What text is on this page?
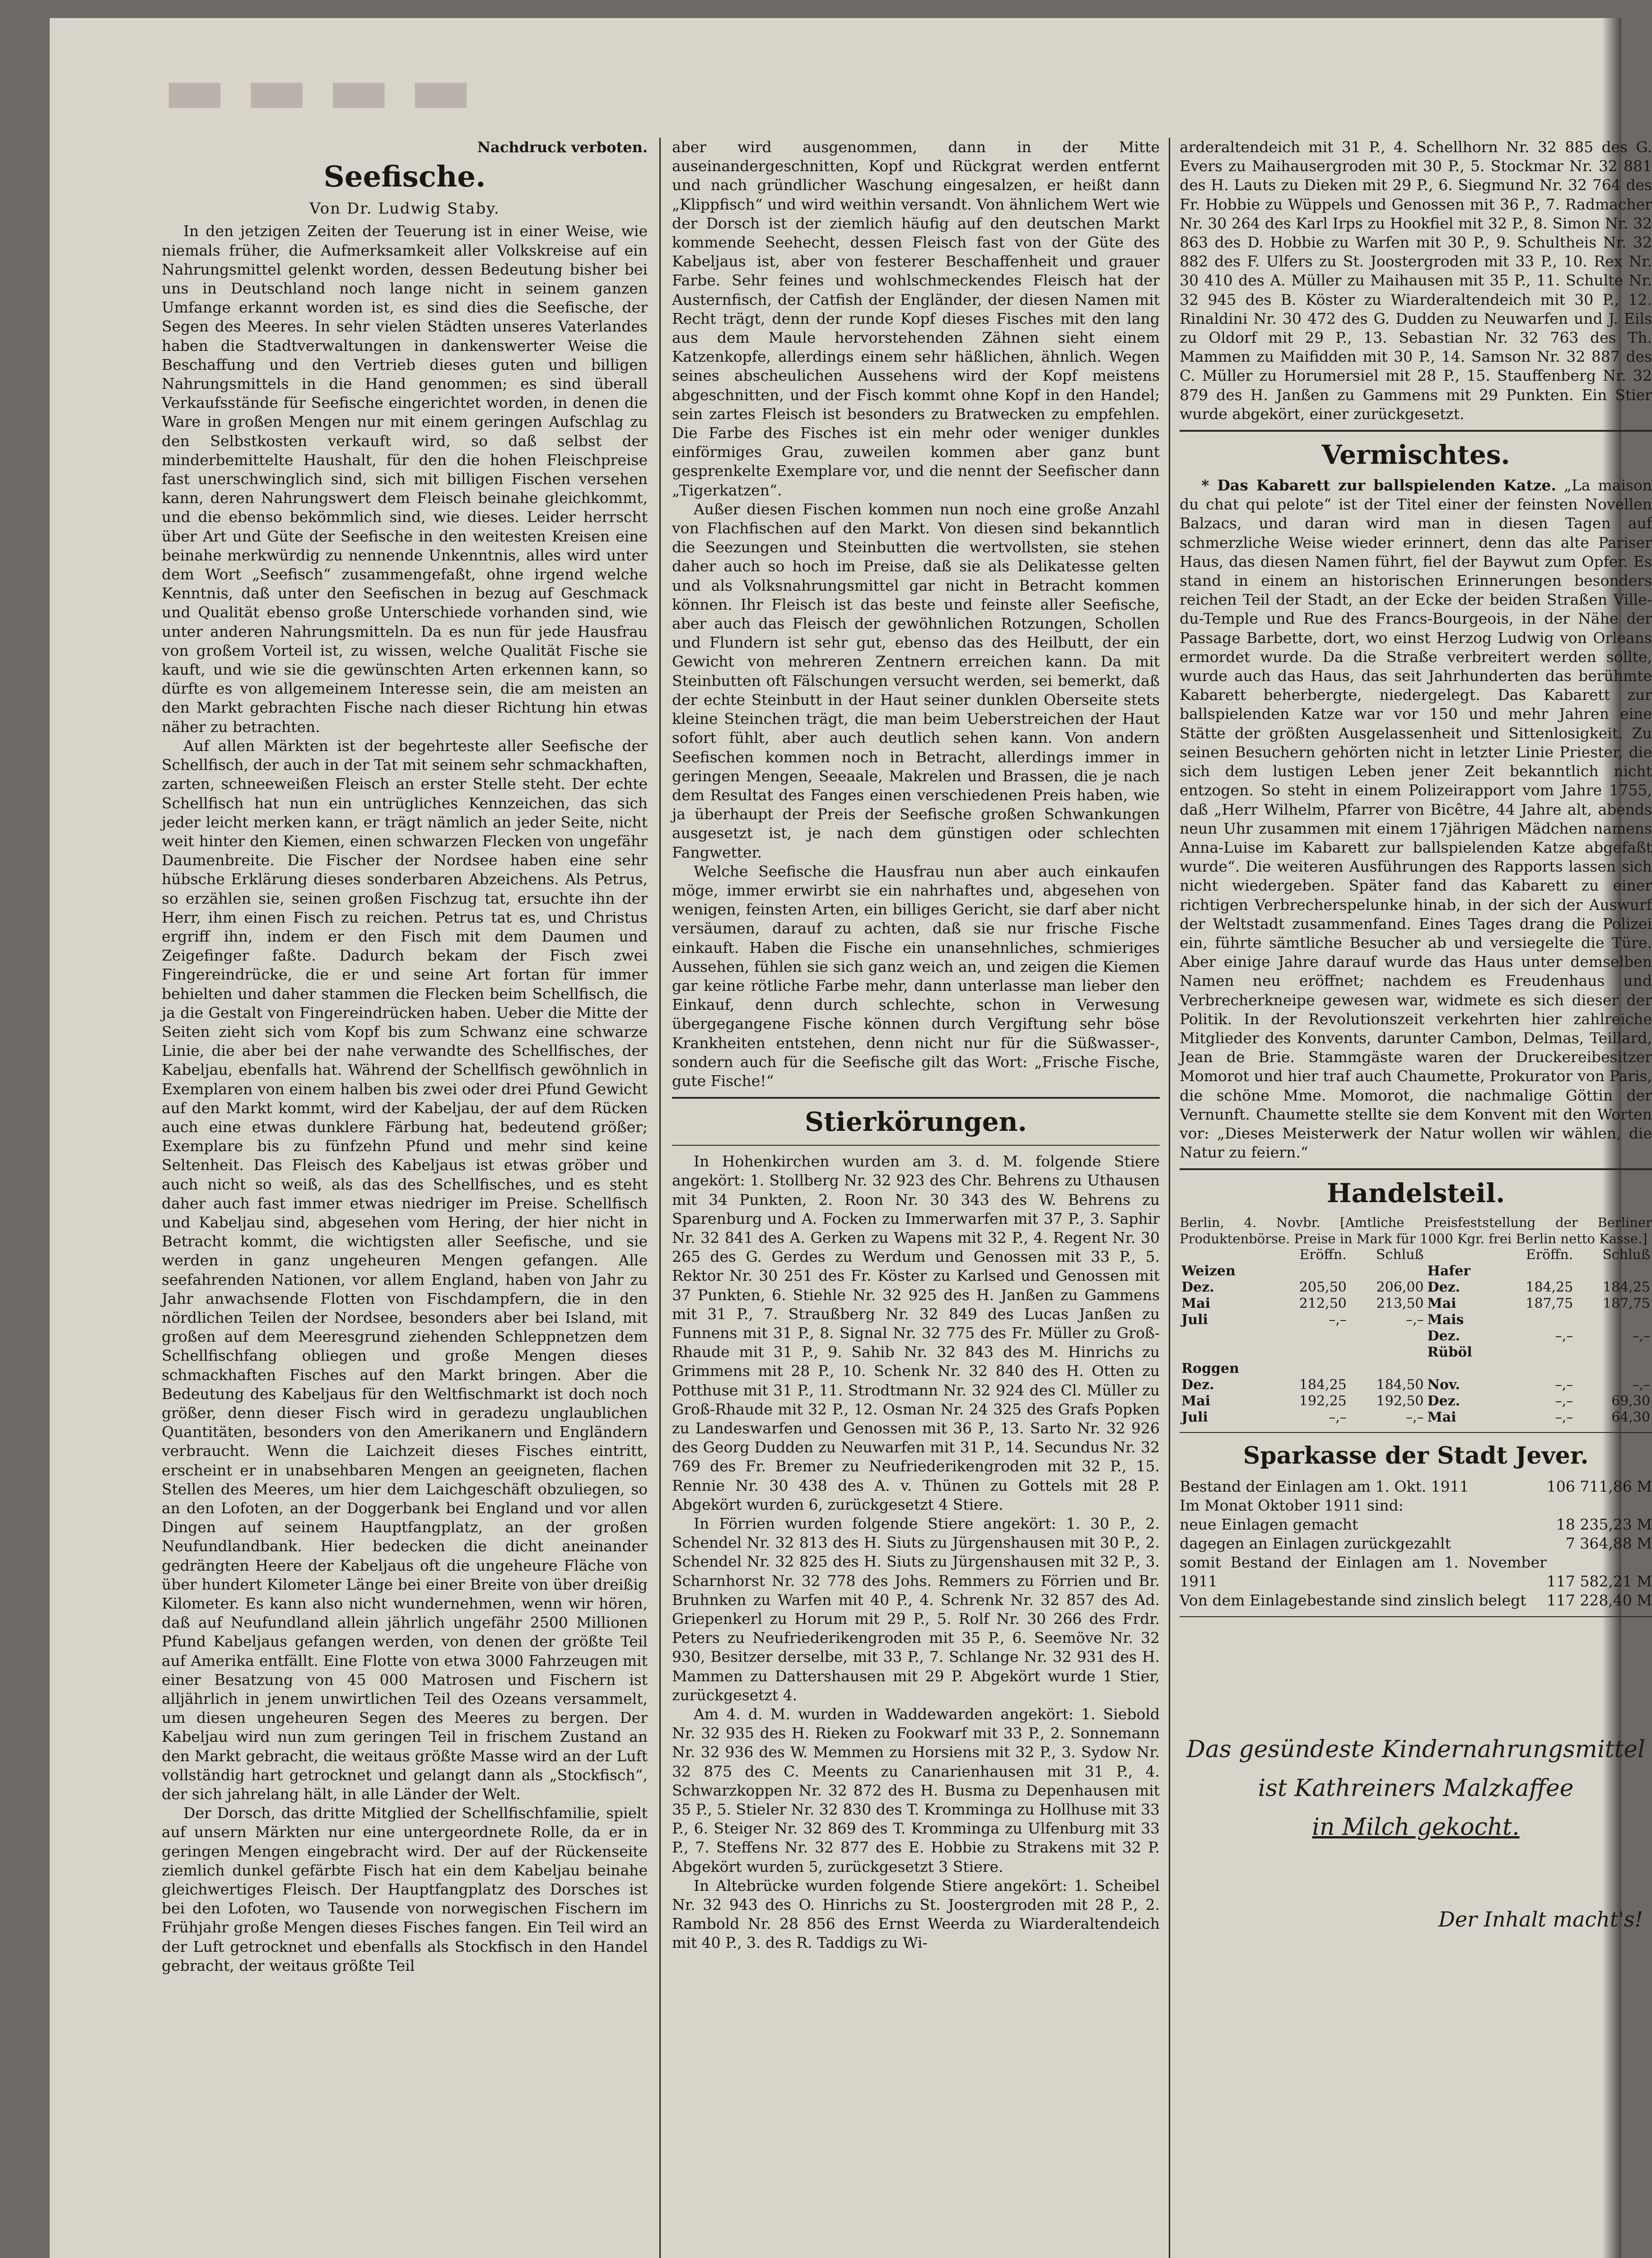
▬▬▬▬
Nachdruck verboten.
Seefische.
Von Dr. Ludwig Staby.

In den jetzigen Zeiten der Teuerung ist in einer Weise, wie niemals früher, die Aufmerksamkeit aller Volkskreise auf ein Nahrungsmittel gelenkt worden, dessen Bedeutung bisher bei uns in Deutschland noch lange nicht in seinem ganzen Umfange erkannt worden ist, es sind dies die Seefische, der Segen des Meeres. In sehr vielen Städten unseres Vaterlandes haben die Stadtverwaltungen in dankenswerter Weise die Beschaffung und den Vertrieb dieses guten und billigen Nahrungsmittels in die Hand genommen; es sind überall Verkaufsstände für Seefische eingerichtet worden, in denen die Ware in großen Mengen nur mit einem geringen Aufschlag zu den Selbstkosten verkauft wird, so daß selbst der minderbemittelte Haushalt, für den die hohen Fleischpreise fast unerschwinglich sind, sich mit billigen Fischen versehen kann, deren Nahrungswert dem Fleisch beinahe gleichkommt, und die ebenso bekömmlich sind, wie dieses. Leider herrscht über Art und Güte der Seefische in den weitesten Kreisen eine beinahe merkwürdig zu nennende Unkenntnis, alles wird unter dem Wort „Seefisch“ zusammengefaßt, ohne irgend welche Kenntnis, daß unter den Seefischen in bezug auf Geschmack und Qualität ebenso große Unterschiede vorhanden sind, wie unter anderen Nahrungsmitteln. Da es nun für jede Hausfrau von großem Vorteil ist, zu wissen, welche Qualität Fische sie kauft, und wie sie die gewünschten Arten erkennen kann, so dürfte es von allgemeinem Interesse sein, die am meisten an den Markt gebrachten Fische nach dieser Richtung hin etwas näher zu betrachten.

Auf allen Märkten ist der begehrteste aller Seefische der Schellfisch, der auch in der Tat mit seinem sehr schmackhaften, zarten, schneeweißen Fleisch an erster Stelle steht. Der echte Schellfisch hat nun ein untrügliches Kennzeichen, das sich jeder leicht merken kann, er trägt nämlich an jeder Seite, nicht weit hinter den Kiemen, einen schwarzen Flecken von ungefähr Daumenbreite. Die Fischer der Nordsee haben eine sehr hübsche Erklärung dieses sonderbaren Abzeichens. Als Petrus, so erzählen sie, seinen großen Fischzug tat, ersuchte ihn der Herr, ihm einen Fisch zu reichen. Petrus tat es, und Christus ergriff ihn, indem er den Fisch mit dem Daumen und Zeigefinger faßte. Dadurch bekam der Fisch zwei Fingereindrücke, die er und seine Art fortan für immer behielten und daher stammen die Flecken beim Schellfisch, die ja die Gestalt von Fingereindrücken haben. Ueber die Mitte der Seiten zieht sich vom Kopf bis zum Schwanz eine schwarze Linie, die aber bei der nahe verwandte des Schellfisches, der Kabeljau, ebenfalls hat. Während der Schellfisch gewöhnlich in Exemplaren von einem halben bis zwei oder drei Pfund Gewicht auf den Markt kommt, wird der Kabeljau, der auf dem Rücken auch eine etwas dunklere Färbung hat, bedeutend größer; Exemplare bis zu fünfzehn Pfund und mehr sind keine Seltenheit. Das Fleisch des Kabeljaus ist etwas gröber und auch nicht so weiß, als das des Schellfisches, und es steht daher auch fast immer etwas niedriger im Preise. Schellfisch und Kabeljau sind, abgesehen vom Hering, der hier nicht in Betracht kommt, die wichtigsten aller Seefische, und sie werden in ganz ungeheuren Mengen gefangen. Alle seefahrenden Nationen, vor allem England, haben von Jahr zu Jahr anwachsende Flotten von Fischdampfern, die in den nördlichen Teilen der Nordsee, besonders aber bei Island, mit großen auf dem Meeresgrund ziehenden Schleppnetzen dem Schellfischfang obliegen und große Mengen dieses schmackhaften Fisches auf den Markt bringen. Aber die Bedeutung des Kabeljaus für den Weltfischmarkt ist doch noch größer, denn dieser Fisch wird in geradezu unglaublichen Quantitäten, besonders von den Amerikanern und Engländern verbraucht. Wenn die Laichzeit dieses Fisches eintritt, erscheint er in unabsehbaren Mengen an geeigneten, flachen Stellen des Meeres, um hier dem Laichgeschäft obzuliegen, so an den Lofoten, an der Doggerbank bei England und vor allen Dingen auf seinem Hauptfangplatz, an der großen Neufundlandbank. Hier bedecken die dicht aneinander gedrängten Heere der Kabeljaus oft die ungeheure Fläche von über hundert Kilometer Länge bei einer Breite von über dreißig Kilometer. Es kann also nicht wundernehmen, wenn wir hören, daß auf Neufundland allein jährlich ungefähr 2500 Millionen Pfund Kabeljaus gefangen werden, von denen der größte Teil auf Amerika entfällt. Eine Flotte von etwa 3000 Fahrzeugen mit einer Besatzung von 45 000 Matrosen und Fischern ist alljährlich in jenem unwirtlichen Teil des Ozeans versammelt, um diesen ungeheuren Segen des Meeres zu bergen. Der Kabeljau wird nun zum geringen Teil in frischem Zustand an den Markt gebracht, die weitaus größte Masse wird an der Luft vollständig hart getrocknet und gelangt dann als „Stockfisch“, der sich jahrelang hält, in alle Länder der Welt.

Der Dorsch, das dritte Mitglied der Schellfischfamilie, spielt auf unsern Märkten nur eine untergeordnete Rolle, da er in geringen Mengen eingebracht wird. Der auf der Rückenseite ziemlich dunkel gefärbte Fisch hat ein dem Kabeljau beinahe gleichwertiges Fleisch. Der Hauptfangplatz des Dorsches ist bei den Lofoten, wo Tausende von norwegischen Fischern im Frühjahr große Mengen dieses Fisches fangen. Ein Teil wird an der Luft getrocknet und ebenfalls als Stockfisch in den Handel gebracht, der weitaus größte Teil

aber wird ausgenommen, dann in der Mitte auseinandergeschnitten, Kopf und Rückgrat werden entfernt und nach gründlicher Waschung eingesalzen, er heißt dann „Klippfisch“ und wird weithin versandt. Von ähnlichem Wert wie der Dorsch ist der ziemlich häufig auf den deutschen Markt kommende Seehecht, dessen Fleisch fast von der Güte des Kabeljaus ist, aber von festerer Beschaffenheit und grauer Farbe. Sehr feines und wohlschmeckendes Fleisch hat der Austernfisch, der Catfish der Engländer, der diesen Namen mit Recht trägt, denn der runde Kopf dieses Fisches mit den lang aus dem Maule hervorstehenden Zähnen sieht einem Katzenkopfe, allerdings einem sehr häßlichen, ähnlich. Wegen seines abscheulichen Aussehens wird der Kopf meistens abgeschnitten, und der Fisch kommt ohne Kopf in den Handel; sein zartes Fleisch ist besonders zu Bratwecken zu empfehlen. Die Farbe des Fisches ist ein mehr oder weniger dunkles einförmiges Grau, zuweilen kommen aber ganz bunt gesprenkelte Exemplare vor, und die nennt der Seefischer dann „Tigerkatzen“.

Außer diesen Fischen kommen nun noch eine große Anzahl von Flachfischen auf den Markt. Von diesen sind bekanntlich die Seezungen und Steinbutten die wertvollsten, sie stehen daher auch so hoch im Preise, daß sie als Delikatesse gelten und als Volksnahrungsmittel gar nicht in Betracht kommen können. Ihr Fleisch ist das beste und feinste aller Seefische, aber auch das Fleisch der gewöhnlichen Rotzungen, Schollen und Flundern ist sehr gut, ebenso das des Heilbutt, der ein Gewicht von mehreren Zentnern erreichen kann. Da mit Steinbutten oft Fälschungen versucht werden, sei bemerkt, daß der echte Steinbutt in der Haut seiner dunklen Oberseite stets kleine Steinchen trägt, die man beim Ueberstreichen der Haut sofort fühlt, aber auch deutlich sehen kann. Von andern Seefischen kommen noch in Betracht, allerdings immer in geringen Mengen, Seeaale, Makrelen und Brassen, die je nach dem Resultat des Fanges einen verschiedenen Preis haben, wie ja überhaupt der Preis der Seefische großen Schwankungen ausgesetzt ist, je nach dem günstigen oder schlechten Fangwetter.

Welche Seefische die Hausfrau nun aber auch einkaufen möge, immer erwirbt sie ein nahrhaftes und, abgesehen von wenigen, feinsten Arten, ein billiges Gericht, sie darf aber nicht versäumen, darauf zu achten, daß sie nur frische Fische einkauft. Haben die Fische ein unansehnliches, schmieriges Aussehen, fühlen sie sich ganz weich an, und zeigen die Kiemen gar keine rötliche Farbe mehr, dann unterlasse man lieber den Einkauf, denn durch schlechte, schon in Verwesung übergegangene Fische können durch Vergiftung sehr böse Krankheiten entstehen, denn nicht nur für die Süßwasser-, sondern auch für die Seefische gilt das Wort: „Frische Fische, gute Fische!“

Stierkörungen.

In Hohenkirchen wurden am 3. d. M. folgende Stiere angekört: 1. Stollberg Nr. 32 923 des Chr. Behrens zu Uthausen mit 34 Punkten, 2. Roon Nr. 30 343 des W. Behrens zu Sparenburg und A. Focken zu Immerwarfen mit 37 P., 3. Saphir Nr. 32 841 des A. Gerken zu Wapens mit 32 P., 4. Regent Nr. 30 265 des G. Gerdes zu Werdum und Genossen mit 33 P., 5. Rektor Nr. 30 251 des Fr. Köster zu Karlsed und Genossen mit 37 Punkten, 6. Stiehle Nr. 32 925 des H. Janßen zu Gammens mit 31 P., 7. Straußberg Nr. 32 849 des Lucas Janßen zu Funnens mit 31 P., 8. Signal Nr. 32 775 des Fr. Müller zu Groß-Rhaude mit 31 P., 9. Sahib Nr. 32 843 des M. Hinrichs zu Grimmens mit 28 P., 10. Schenk Nr. 32 840 des H. Otten zu Potthuse mit 31 P., 11. Strodtmann Nr. 32 924 des Cl. Müller zu Groß-Rhaude mit 32 P., 12. Osman Nr. 24 325 des Grafs Popken zu Landeswarfen und Genossen mit 36 P., 13. Sarto Nr. 32 926 des Georg Dudden zu Neuwarfen mit 31 P., 14. Secundus Nr. 32 769 des Fr. Bremer zu Neufriederikengroden mit 32 P., 15. Rennie Nr. 30 438 des A. v. Thünen zu Gottels mit 28 P. Abgekört wurden 6, zurückgesetzt 4 Stiere.

In Förrien wurden folgende Stiere angekört: 1. 30 P., 2. Schendel Nr. 32 813 des H. Siuts zu Jürgenshausen mit 30 P., 2. Schendel Nr. 32 825 des H. Siuts zu Jürgenshausen mit 32 P., 3. Scharnhorst Nr. 32 778 des Johs. Remmers zu Förrien und Br. Bruhnken zu Warfen mit 40 P., 4. Schrenk Nr. 32 857 des Ad. Griepenkerl zu Horum mit 29 P., 5. Rolf Nr. 30 266 des Frdr. Peters zu Neufriederikengroden mit 35 P., 6. Seemöve Nr. 32 930, Besitzer derselbe, mit 33 P., 7. Schlange Nr. 32 931 des H. Mammen zu Dattershausen mit 29 P. Abgekört wurde 1 Stier, zurückgesetzt 4.

Am 4. d. M. wurden in Waddewarden angekört: 1. Siebold Nr. 32 935 des H. Rieken zu Fookwarf mit 33 P., 2. Sonnemann Nr. 32 936 des W. Memmen zu Horsiens mit 32 P., 3. Sydow Nr. 32 875 des C. Meents zu Canarienhausen mit 31 P., 4. Schwarzkoppen Nr. 32 872 des H. Busma zu Depenhausen mit 35 P., 5. Stieler Nr. 32 830 des T. Kromminga zu Hollhuse mit 33 P., 6. Steiger Nr. 32 869 des T. Kromminga zu Ulfenburg mit 33 P., 7. Steffens Nr. 32 877 des E. Hobbie zu Strakens mit 32 P. Abgekört wurden 5, zurückgesetzt 3 Stiere.

In Altebrücke wurden folgende Stiere angekört: 1. Scheibel Nr. 32 943 des O. Hinrichs zu St. Joostergroden mit 28 P., 2. Rambold Nr. 28 856 des Ernst Weerda zu Wiarderaltendeich mit 40 P., 3. des R. Taddigs zu Wi-

arderaltendeich mit 31 P., 4. Schellhorn Nr. 32 885 des G. Evers zu Maihausergroden mit 30 P., 5. Stockmar Nr. 32 881 des H. Lauts zu Dieken mit 29 P., 6. Siegmund Nr. 32 764 des Fr. Hobbie zu Wüppels und Genossen mit 36 P., 7. Radmacher Nr. 30 264 des Karl Irps zu Hookfiel mit 32 P., 8. Simon Nr. 32 863 des D. Hobbie zu Warfen mit 30 P., 9. Schultheis Nr. 32 882 des F. Ulfers zu St. Joostergroden mit 33 P., 10. Rex Nr. 30 410 des A. Müller zu Maihausen mit 35 P., 11. Schulte Nr. 32 945 des B. Köster zu Wiarderaltendeich mit 30 P., 12. Rinaldini Nr. 30 472 des G. Dudden zu Neuwarfen und J. Eils zu Oldorf mit 29 P., 13. Sebastian Nr. 32 763 des Th. Mammen zu Maifidden mit 30 P., 14. Samson Nr. 32 887 des C. Müller zu Horumersiel mit 28 P., 15. Stauffenberg Nr. 32 879 des H. Janßen zu Gammens mit 29 Punkten. Ein Stier wurde abgekört, einer zurückgesetzt.

Vermischtes.

* Das Kabarett zur ballspielenden Katze. „La maison du chat qui pelote“ ist der Titel einer der feinsten Novellen Balzacs, und daran wird man in diesen Tagen auf schmerzliche Weise wieder erinnert, denn das alte Pariser Haus, das diesen Namen führt, fiel der Baywut zum Opfer. Es stand in einem an historischen Erinnerungen besonders reichen Teil der Stadt, an der Ecke der beiden Straßen Ville-du-Temple und Rue des Francs-Bourgeois, in der Nähe der Passage Barbette, dort, wo einst Herzog Ludwig von Orleans ermordet wurde. Da die Straße verbreitert werden sollte, wurde auch das Haus, das seit Jahrhunderten das berühmte Kabarett beherbergte, niedergelegt. Das Kabarett zur ballspielenden Katze war vor 150 und mehr Jahren eine Stätte der größten Ausgelassenheit und Sittenlosigkeit. Zu seinen Besuchern gehörten nicht in letzter Linie Priester, die sich dem lustigen Leben jener Zeit bekanntlich nicht entzogen. So steht in einem Polizeirapport vom Jahre 1755, daß „Herr Wilhelm, Pfarrer von Bicêtre, 44 Jahre alt, abends neun Uhr zusammen mit einem 17jährigen Mädchen namens Anna-Luise im Kabarett zur ballspielenden Katze abgefaßt wurde“. Die weiteren Ausführungen des Rapports lassen sich nicht wiedergeben. Später fand das Kabarett zu einer richtigen Verbrecherspelunke hinab, in der sich der Auswurf der Weltstadt zusammenfand. Eines Tages drang die Polizei ein, führte sämtliche Besucher ab und versiegelte die Türe. Aber einige Jahre darauf wurde das Haus unter demselben Namen neu eröffnet; nachdem es Freudenhaus und Verbrecherkneipe gewesen war, widmete es sich dieser der Politik. In der Revolutionszeit verkehrten hier zahlreiche Mitglieder des Konvents, darunter Cambon, Delmas, Teillard, Jean de Brie. Stammgäste waren der Druckereibesitzer Momorot und hier traf auch Chaumette, Prokurator von Paris, die schöne Mme. Momorot, die nachmalige Göttin der Vernunft. Chaumette stellte sie dem Konvent mit den Worten vor: „Dieses Meisterwerk der Natur wollen wir wählen, die Natur zu feiern.“

Handelsteil.
Berlin, 4. Novbr. [Amtliche Preisfeststellung der Berliner Produktenbörse. Preise in Mark für 1000 Kgr. frei Berlin netto Kasse.]
	Eröffn.	Schluß		Eröffn.	Schluß
Weizen			Hafer		
Dez.	205,50	206,00	Dez.	184,25	184,25
Mai	212,50	213,50	Mai	187,75	187,75
Juli	–,–	–,–	Mais		
			Dez.	–,–	–,–
			Rüböl		
Roggen					
Dez.	184,25	184,50	Nov.	–,–	–,–
Mai	192,25	192,50	Dez.	–,–	69,30
Juli	–,–	–,–	Mai	–,–	64,30
Sparkasse der Stadt Jever.
Bestand der Einlagen am 1. Okt. 1911	106 711,86 M
Im Monat Oktober 1911 sind:	
neue Einlagen gemacht	18 235,23 M
dagegen an Einlagen zurückgezahlt	7 364,88 M
somit Bestand der Einlagen am 1. November 1911	117 582,21 M
Von dem Einlagebestande sind zinslich belegt	117 228,40 M
Das gesündeste Kindernahrungsmittel
ist Kathreiners Malzkaffee
in Milch gekocht.
Der Inhalt macht's!
